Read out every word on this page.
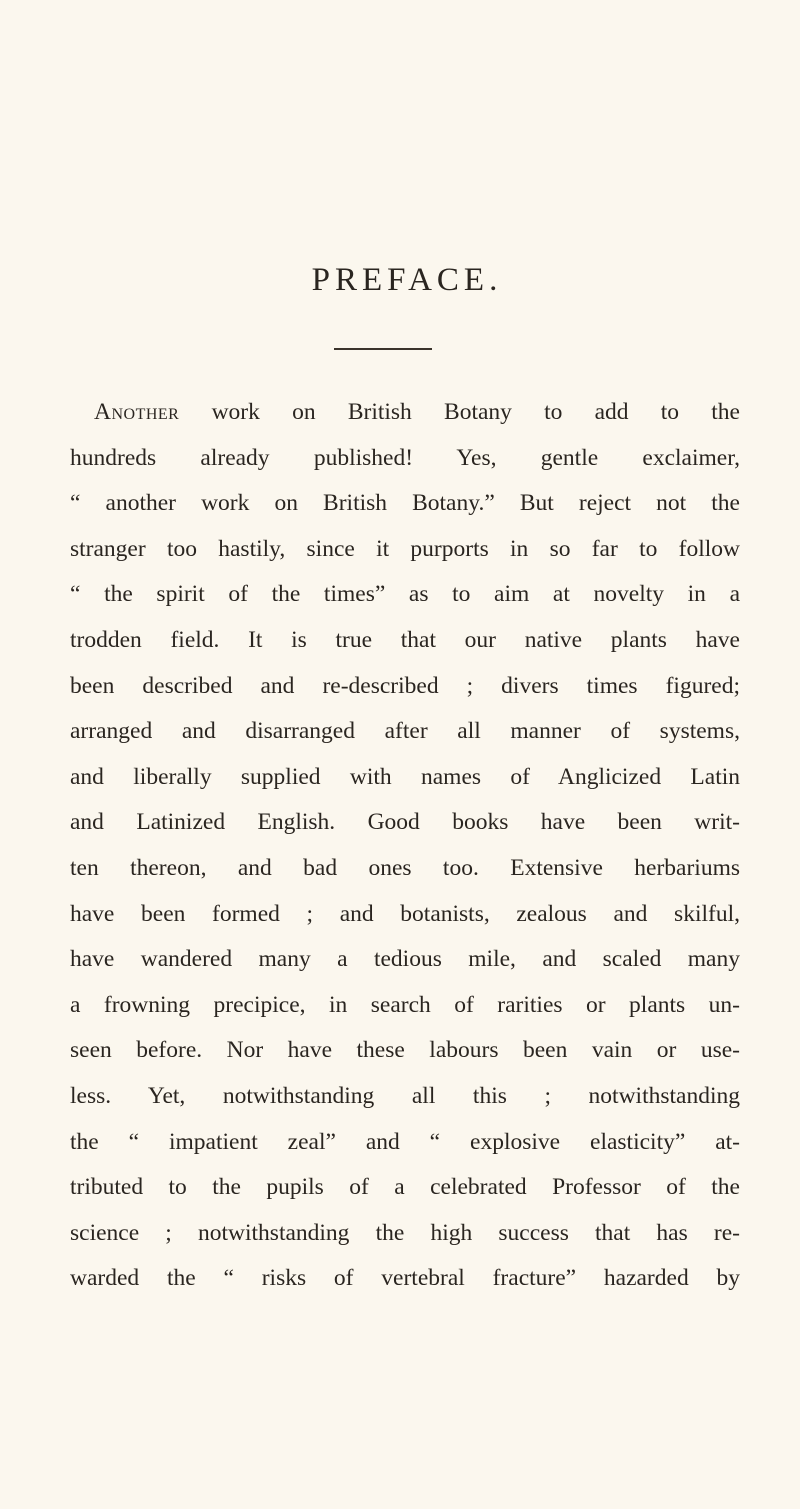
PREFACE.
Another work on British Botany to add to the
hundreds already published! Yes, gentle exclaimer,
“ another work on British Botany.” But reject not the
stranger too hastily, since it purports in so far to follow
“ the spirit of the times” as to aim at novelty in a
trodden field. It is true that our native plants have
been described and re-described ; divers times figured;
arranged and disarranged after all manner of systems,
and liberally supplied with names of Anglicized Latin
and Latinized English. Good books have been writ-
ten thereon, and bad ones too. Extensive herbariums
have been formed ; and botanists, zealous and skilful,
have wandered many a tedious mile, and scaled many
a frowning precipice, in search of rarities or plants un-
seen before. Nor have these labours been vain or use-
less. Yet, notwithstanding all this ; notwithstanding
the “ impatient zeal” and “ explosive elasticity” at-
tributed to the pupils of a celebrated Professor of the
science ; notwithstanding the high success that has re-
warded the “ risks of vertebral fracture” hazarded by
